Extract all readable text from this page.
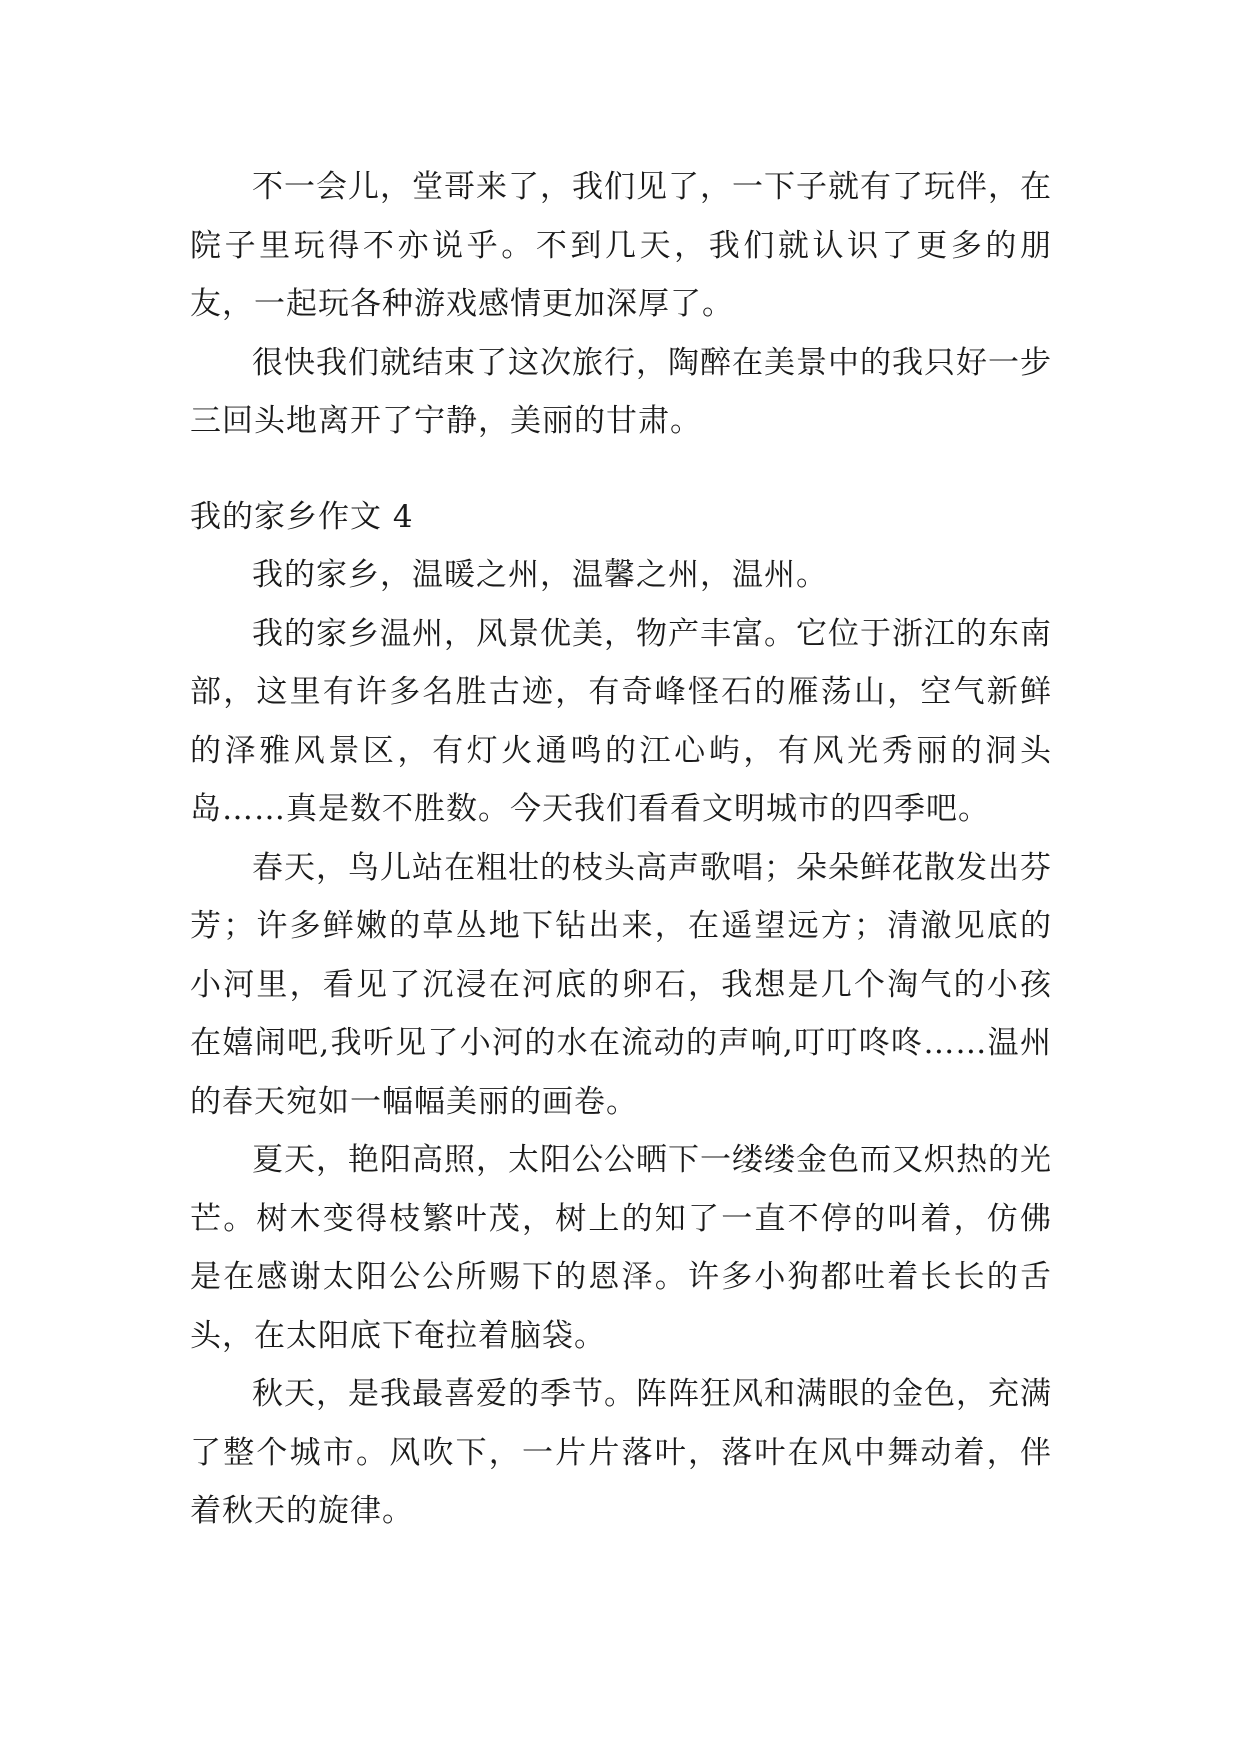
不一会儿，堂哥来了，我们见了，一下子就有了玩伴，在院子里玩得不亦说乎。不到几天，我们就认识了更多的朋友，一起玩各种游戏感情更加深厚了。

很快我们就结束了这次旅行，陶醉在美景中的我只好一步三回头地离开了宁静，美丽的甘肃。

我的家乡作文 4

我的家乡，温暖之州，温馨之州，温州。

我的家乡温州，风景优美，物产丰富。它位于浙江的东南部，这里有许多名胜古迹，有奇峰怪石的雁荡山，空气新鲜的泽雅风景区，有灯火通鸣的江心屿，有风光秀丽的洞头岛……真是数不胜数。今天我们看看文明城市的四季吧。

春天，鸟儿站在粗壮的枝头高声歌唱；朵朵鲜花散发出芬芳；许多鲜嫩的草丛地下钻出来，在遥望远方；清澈见底的小河里，看见了沉浸在河底的卵石，我想是几个淘气的小孩在嬉闹吧,我听见了小河的水在流动的声响,叮叮咚咚……温州的春天宛如一幅幅美丽的画卷。

夏天，艳阳高照，太阳公公晒下一缕缕金色而又炽热的光芒。树木变得枝繁叶茂，树上的知了一直不停的叫着，仿佛是在感谢太阳公公所赐下的恩泽。许多小狗都吐着长长的舌头，在太阳底下奄拉着脑袋。

秋天，是我最喜爱的季节。阵阵狂风和满眼的金色，充满了整个城市。风吹下，一片片落叶，落叶在风中舞动着，伴着秋天的旋律。
